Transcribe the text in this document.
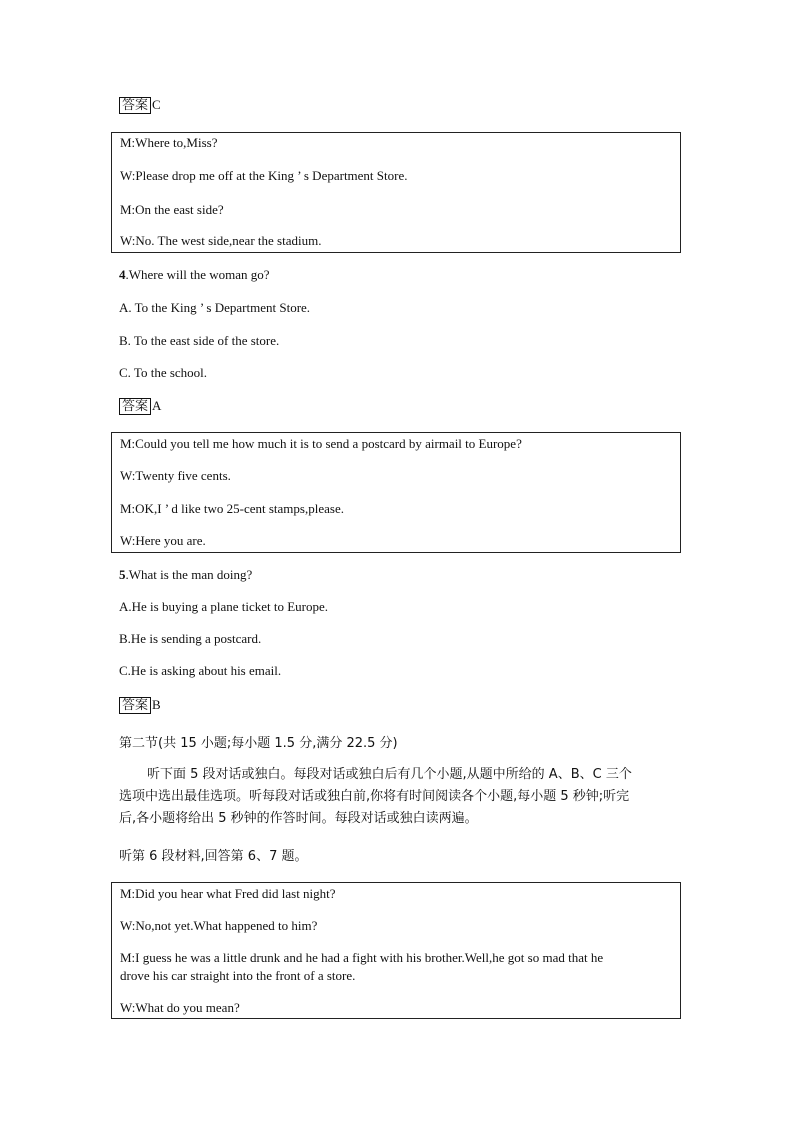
答案 C
M:Where to,Miss?
W:Please drop me off at the King ’ s Department Store.
M:On the east side?
W:No. The west side,near the stadium.
4.Where will the woman go?
A. To the King ’ s Department Store.
B. To the east side of the store.
C. To the school.
答案 A
M:Could you tell me how much it is to send a postcard by airmail to Europe?
W:Twenty five cents.
M:OK,I ’ d like two 25-cent stamps,please.
W:Here you are.
5.What is the man doing?
A.He is buying a plane ticket to Europe.
B.He is sending a postcard.
C.He is asking about his email.
答案 B
第二节(共 15 小题;每小题 1.5 分,满分 22.5 分)
听下面 5 段对话或独白。每段对话或独白后有几个小题,从题中所给的 A、B、C 三个选项中选出最佳选项。听每段对话或独白前,你将有时间阅读各个小题,每小题 5 秒钟;听完后,各小题将给出 5 秒钟的作答时间。每段对话或独白读两遍。
听第 6 段材料,回答第 6、7 题。
M:Did you hear what Fred did last night?
W:No,not yet.What happened to him?
M:I guess he was a little drunk and he had a fight with his brother.Well,he got so mad that he
drove his car straight into the front of a store.
W:What do you mean?
